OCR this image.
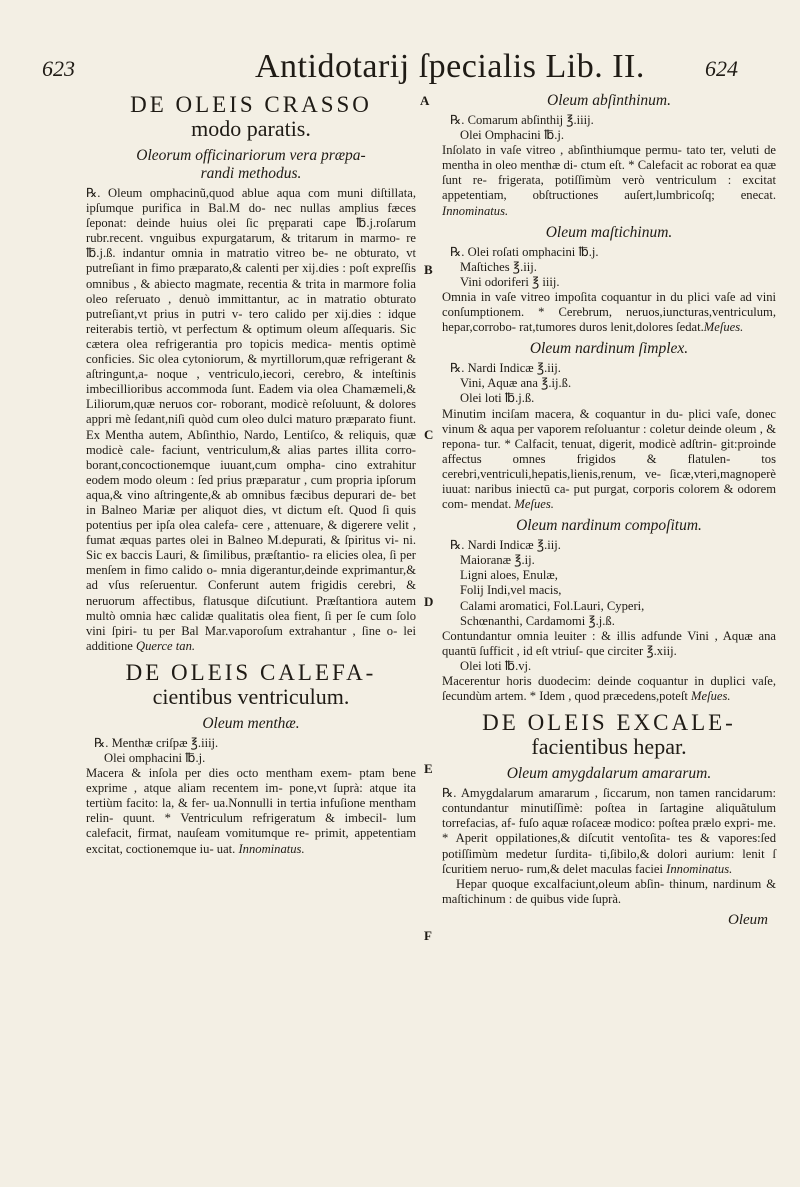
623	Antidotarij ſpecialis Lib. II.	624
A
B
C
D
E
F

DE OLEIS CRASSO

modo paratis.

Oleorum officinariorum vera præpa-

randi methodus.

℞. Oleum omphacinũ,quod ablue aqua com muni diſtillata, ipſumque purifica in Bal.M do- nec nullas amplius fæces ſeponat: deinde huius olei ſic pręparati cape ℔.j.roſarum rubr.recent. vnguibus expurgatarum, & tritarum in marmo- re ℔.j.ß. indantur omnia in matratio vitreo be- ne obturato, vt putreſiant in fimo præparato,& calenti per xij.dies : poſt expreſſis omnibus , & abiecto magmate, recentia & trita in marmore folia oleo reſeruato , denuò immittantur, ac in matratio obturato putreſiant,vt prius in putri v- tero calido per xij.dies : idque reiterabis tertiò, vt perfectum & optimum oleum aſſequaris. Sic cætera olea refrigerantia pro topicis medica- mentis optimè conficies. Sic olea cytoniorum, & myrtillorum,quæ refrigerant & aſtringunt,a- noque , ventriculo,iecori, cerebro, & inteſtinis imbecillioribus accommoda ſunt. Eadem via olea Chamæmeli,& Liliorum,quæ neruos cor- roborant, modicè reſoluunt, & dolores appri mè ſedant,niſi quòd cum oleo dulci maturo præparato fiunt. Ex Mentha autem, Abſinthio, Nardo, Lentiſco, & reliquis, quæ modicè cale- faciunt, ventriculum,& alias partes illita corro- borant,concoctionemque iuuant,cum ompha- cino extrahitur eodem modo oleum : ſed prius præparatur , cum propria ipſorum aqua,& vino aſtringente,& ab omnibus fæcibus depurari de- bet in Balneo Mariæ per aliquot dies, vt dictum eſt. Quod ſi quis potentius per ipſa olea calefa- cere , attenuare, & digerere velit , fumat æquas partes olei in Balneo M.depurati, & ſpiritus vi- ni. Sic ex baccis Lauri, & ſimilibus, præſtantio- ra elicies olea, ſi per menſem in fimo calido o- mnia digerantur,deinde exprimantur,& ad vſus reſeruentur. Conferunt autem frigidis cerebri, & neruorum affectibus, flatusque diſcutiunt. Præſtantiora autem multò omnia hæc calidæ qualitatis olea fient, ſi per ſe cum ſolo vini ſpiri- tu per Bal Mar.vaporoſum extrahantur , ſine o- lei additione Querce tan.

DE OLEIS CALEFA-

cientibus ventriculum.

Oleum menthæ.

℞. Menthæ criſpæ ℥.iiij.

Olei omphacini ℔.j.

Macera & inſola per dies octo mentham exem- ptam bene exprime , atque aliam recentem im- pone,vt ſuprà: atque ita tertiùm facito: la, & fer- ua.Nonnulli in tertia infuſione mentham relin- quunt. * Ventriculum refrigeratum & imbecil- lum calefacit, firmat, nauſeam vomitumque re- primit, appetentiam excitat, coctionemque iu- uat. Innominatus.

Oleum abſinthinum.

℞. Comarum abſinthij ℥.iiij.

Olei Omphacini ℔.j.

Inſolato in vaſe vitreo , abſinthiumque permu- tato ter, veluti de mentha in oleo menthæ di- ctum eſt. * Calefacit ac roborat ea quæ ſunt re- frigerata, potiſſimùm verò ventriculum : excitat appetentiam, obſtructiones auſert,lumbricoſq; enecat. Innominatus.

Oleum maſtichinum.

℞. Olei roſati omphacini ℔.j.

Maſtiches ℥.iij.

Vini odoriferi ℥ iiij.

Omnia in vaſe vitreo impoſita coquantur in du plici vaſe ad vini conſumptionem. * Cerebrum, neruos,iuncturas,ventriculum, hepar,corrobo- rat,tumores duros lenit,dolores ſedat.Meſues.

Oleum nardinum ſimplex.

℞. Nardi Indicæ ℥.iij.

Vini, Aquæ ana ℥.ij.ß.

Olei loti ℔.j.ß.

Minutim inciſam macera, & coquantur in du- plici vaſe, donec vinum & aqua per vaporem reſoluantur : coletur deinde oleum , & repona- tur. * Calfacit, tenuat, digerit, modicè adſtrin- git:proinde affectus omnes frigidos & flatulen- tos cerebri,ventriculi,hepatis,lienis,renum, ve- ſicæ,vteri,magnoperè iuuat: naribus iniectū ca- put purgat, corporis colorem & odorem com- mendat. Meſues.

Oleum nardinum compoſitum.

℞. Nardi Indicæ ℥.iij.

Maioranæ ℥.ij.

Ligni aloes, Enulæ,

Folij Indi,vel macis,

Calami aromatici, Fol.Lauri, Cyperi,

Schœnanthi, Cardamomi ℥.j.ß.

Contundantur omnia leuiter : & illis adfunde Vini , Aquæ ana quantū ſufficit , id eſt vtriuſ- que circiter ℥.xiij.

Olei loti ℔.vj.

Macerentur horis duodecim: deinde coquantur in duplici vaſe, ſecundùm artem. * Idem , quod præcedens,poteſt Meſues.

DE OLEIS EXCALE-

facientibus hepar.

Oleum amygdalarum amararum.

℞. Amygdalarum amararum , ſiccarum, non tamen rancidarum: contundantur minutiſſimè: poſtea in ſartagine aliquãtulum torrefacias, af- fuſo aquæ roſaceæ modico: poſtea prælo expri- me. * Aperit oppilationes,& diſcutit ventoſita- tes & vapores:ſed potiſſimùm medetur ſurdita- ti,ſibilo,& dolori aurium: lenit ſ ſcuritiem neruo- rum,& delet maculas faciei Innominatus.

Hepar quoque excalfaciunt,oleum abſin- thinum, nardinum & maſtichinum : de quibus vide ſuprà.

Oleum
